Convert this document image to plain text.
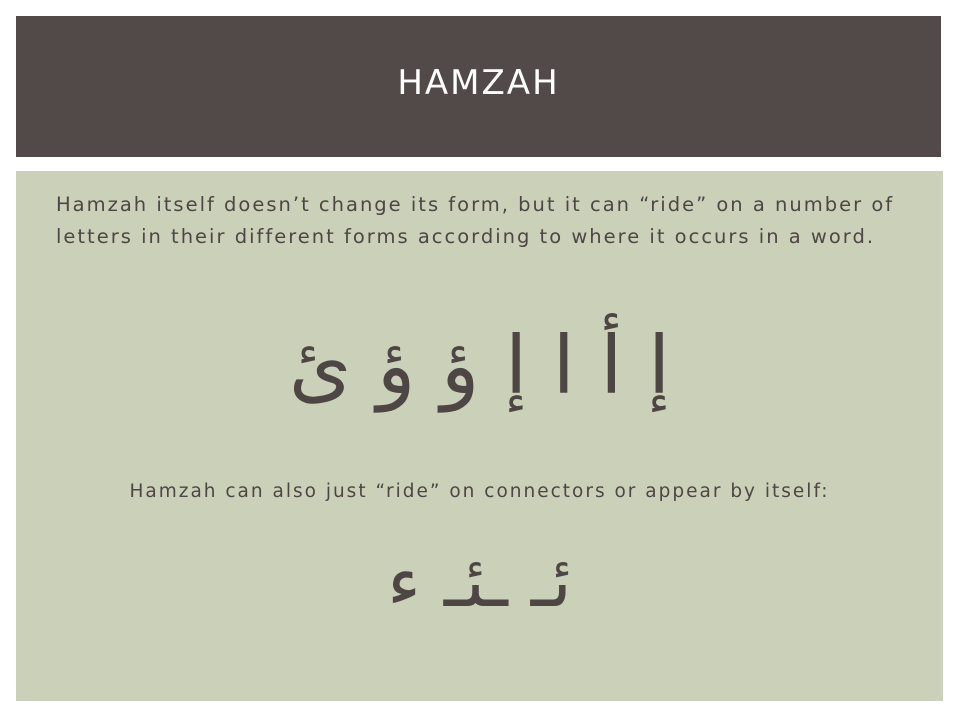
HAMZAH

Hamzah itself doesn’t change its form, but it can “ride” on a number of letters in their different forms according to where it occurs in a word.

إ أ ا إ ؤ ؤ ئ

Hamzah can also just “ride” on connectors or appear by itself:

ئـ ـئـ ء
